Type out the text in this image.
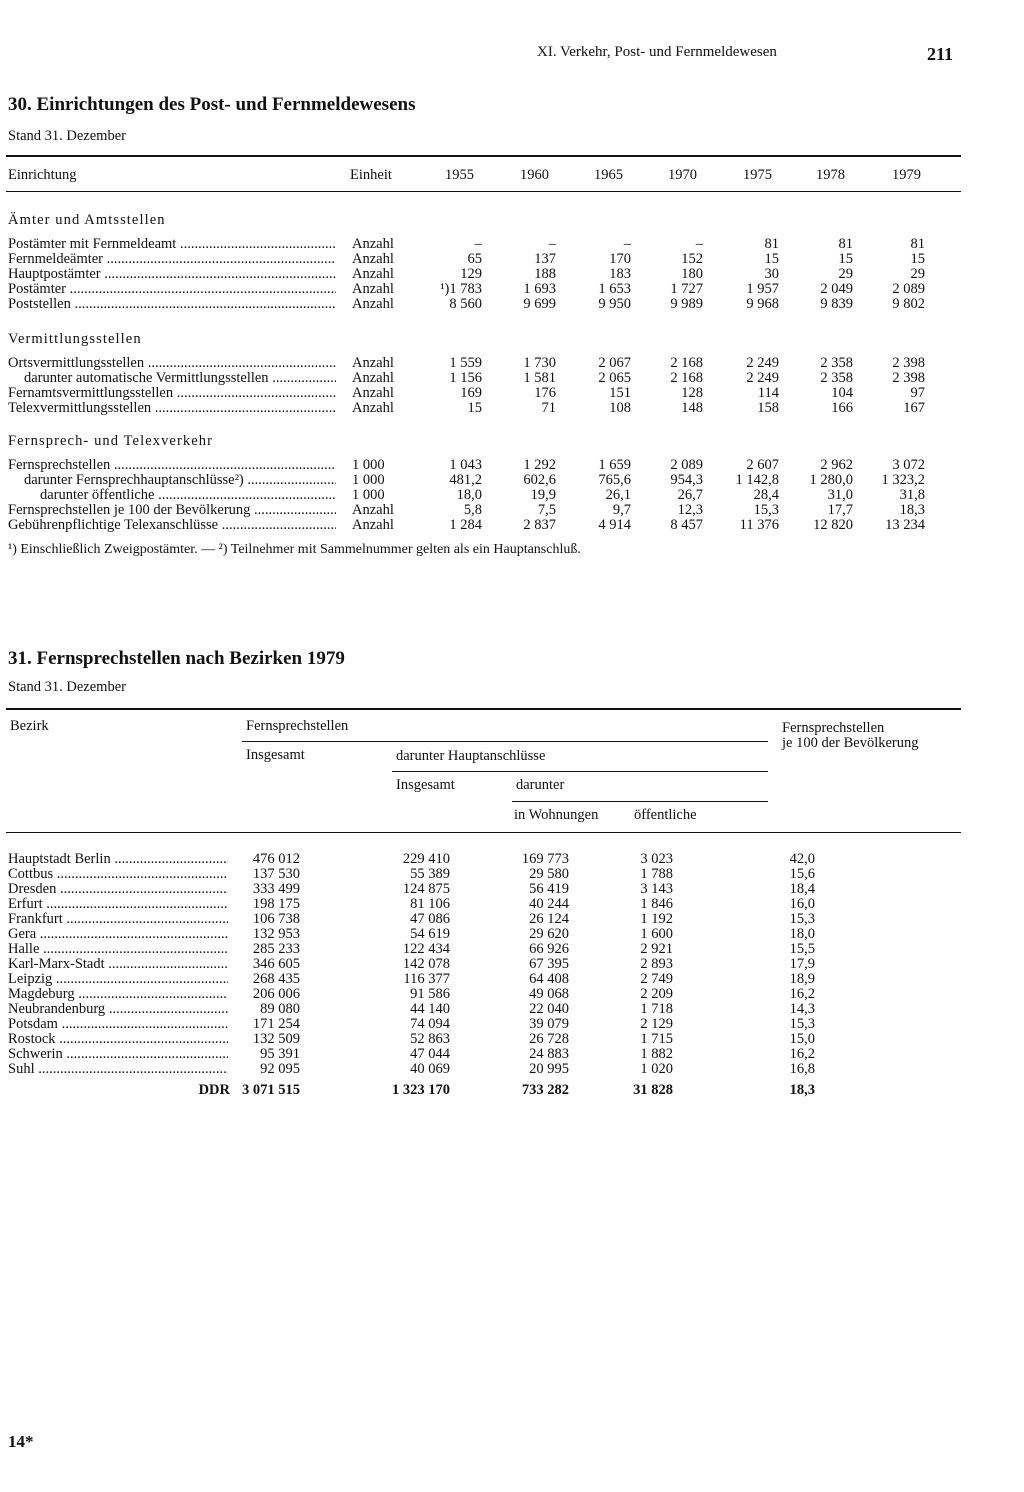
XI. Verkehr, Post- und Fernmeldewesen	211
30. Einrichtungen des Post- und Fernmeldewesens
Stand 31. Dezember
Einrichtung	Einheit	1955	1960	1965	1970	1975	1978	1979
Ämter und Amtsstellen
Postämter mit Fernmeldeamt .....	Anzahl	–	–	–	–	81	81	81
Fernmeldeämter .....	Anzahl	65	137	170	152	15	15	15
Hauptpostämter .....	Anzahl	129	188	183	180	30	29	29
Postämter .....	Anzahl	¹)1 783	1 693	1 653	1 727	1 957	2 049	2 089
Poststellen .....	Anzahl	8 560	9 699	9 950	9 989	9 968	9 839	9 802
Vermittlungsstellen
Ortsvermittlungsstellen .....	Anzahl	1 559	1 730	2 067	2 168	2 249	2 358	2 398
darunter automatische Vermittlungsstellen .....	Anzahl	1 156	1 581	2 065	2 168	2 249	2 358	2 398
Fernamtsvermittlungsstellen .....	Anzahl	169	176	151	128	114	104	97
Telexvermittlungsstellen .....	Anzahl	15	71	108	148	158	166	167
Fernsprech- und Telexverkehr
Fernsprechstellen .....	1 000	1 043	1 292	1 659	2 089	2 607	2 962	3 072
darunter Fernsprechhauptanschlüsse²) .....	1 000	481,2	602,6	765,6	954,3	1 142,8	1 280,0	1 323,2
darunter öffentliche .....	1 000	18,0	19,9	26,1	26,7	28,4	31,0	31,8
Fernsprechstellen je 100 der Bevölkerung .....	Anzahl	5,8	7,5	9,7	12,3	15,3	17,7	18,3
Gebührenpflichtige Telexanschlüsse .....	Anzahl	1 284	2 837	4 914	8 457	11 376	12 820	13 234
¹) Einschließlich Zweigpostämter. — ²) Teilnehmer mit Sammelnummer gelten als ein Hauptanschluß.
31. Fernsprechstellen nach Bezirken 1979
Stand 31. Dezember
Bezirk	Fernsprechstellen	Fernsprechstellen
je 100 der Bevölkerung
Insgesamt	darunter Hauptanschlüsse
Insgesamt	darunter
in Wohnungen öffentliche
Hauptstadt Berlin .....	476 012	229 410	169 773	3 023	42,0
Cottbus .....	137 530	55 389	29 580	1 788	15,6
Dresden .....	333 499	124 875	56 419	3 143	18,4
Erfurt .....	198 175	81 106	40 244	1 846	16,0
Frankfurt .....	106 738	47 086	26 124	1 192	15,3
Gera .....	132 953	54 619	29 620	1 600	18,0
Halle .....	285 233	122 434	66 926	2 921	15,5
Karl-Marx-Stadt .....	346 605	142 078	67 395	2 893	17,9
Leipzig .....	268 435	116 377	64 408	2 749	18,9
Magdeburg .....	206 006	91 586	49 068	2 209	16,2
Neubrandenburg .....	89 080	44 140	22 040	1 718	14,3
Potsdam .....	171 254	74 094	39 079	2 129	15,3
Rostock .....	132 509	52 863	26 728	1 715	15,0
Schwerin .....	95 391	47 044	24 883	1 882	16,2
Suhl .....	92 095	40 069	20 995	1 020	16,8
DDR 3 071 515	1 323 170	733 282	31 828	18,3
14*
